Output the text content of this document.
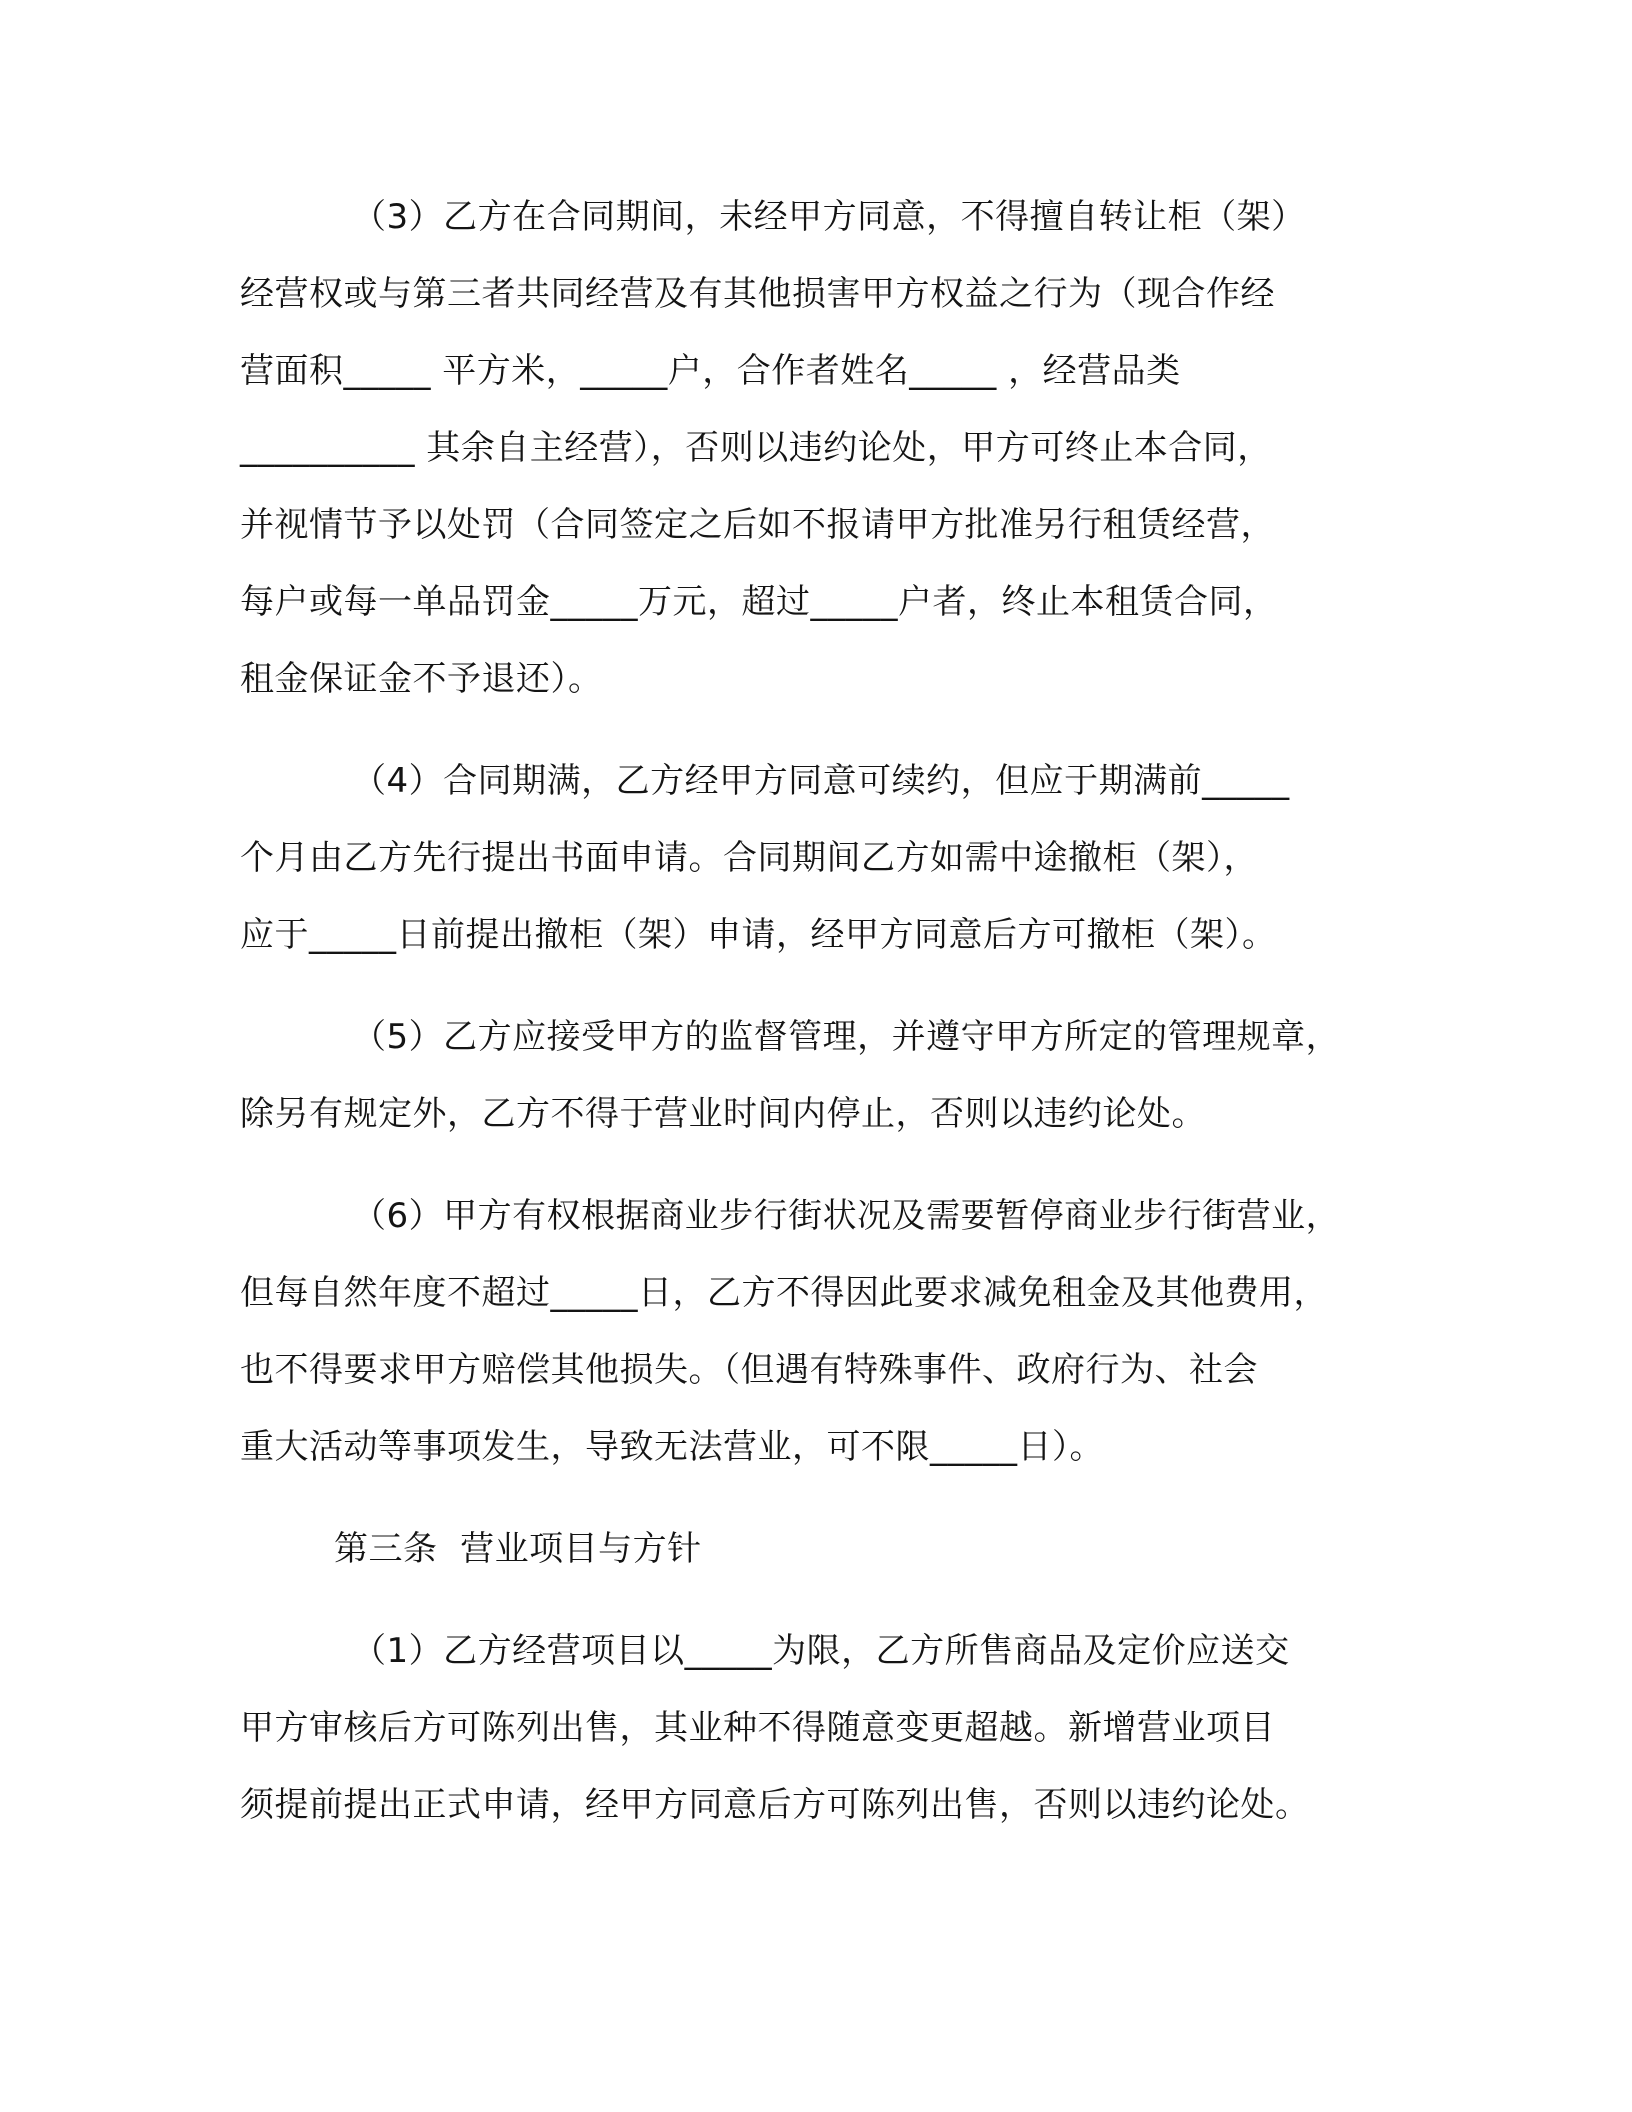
（3）乙方在合同期间，未经甲方同意，不得擅自转让柜（架）
经营权或与第三者共同经营及有其他损害甲方权益之行为（现合作经
营面积_____ 平方米，_____户，合作者姓名_____ ，经营品类
__________ 其余自主经营），否则以违约论处，甲方可终止本合同，
并视情节予以处罚（合同签定之后如不报请甲方批准另行租赁经营，
每户或每一单品罚金_____万元，超过_____户者，终止本租赁合同，
租金保证金不予退还）。
（4）合同期满，乙方经甲方同意可续约，但应于期满前_____
个月由乙方先行提出书面申请。合同期间乙方如需中途撤柜（架），
应于_____日前提出撤柜（架）申请，经甲方同意后方可撤柜（架）。
（5）乙方应接受甲方的监督管理，并遵守甲方所定的管理规章，
除另有规定外，乙方不得于营业时间内停止，否则以违约论处。
（6）甲方有权根据商业步行街状况及需要暂停商业步行街营业，
但每自然年度不超过_____日，乙方不得因此要求减免租金及其他费用，
也不得要求甲方赔偿其他损失。（但遇有特殊事件、政府行为、社会
重大活动等事项发生，导致无法营业，可不限_____日）。
第三条  营业项目与方针
（1）乙方经营项目以_____为限，乙方所售商品及定价应送交
甲方审核后方可陈列出售，其业种不得随意变更超越。新增营业项目
须提前提出正式申请，经甲方同意后方可陈列出售，否则以违约论处。
